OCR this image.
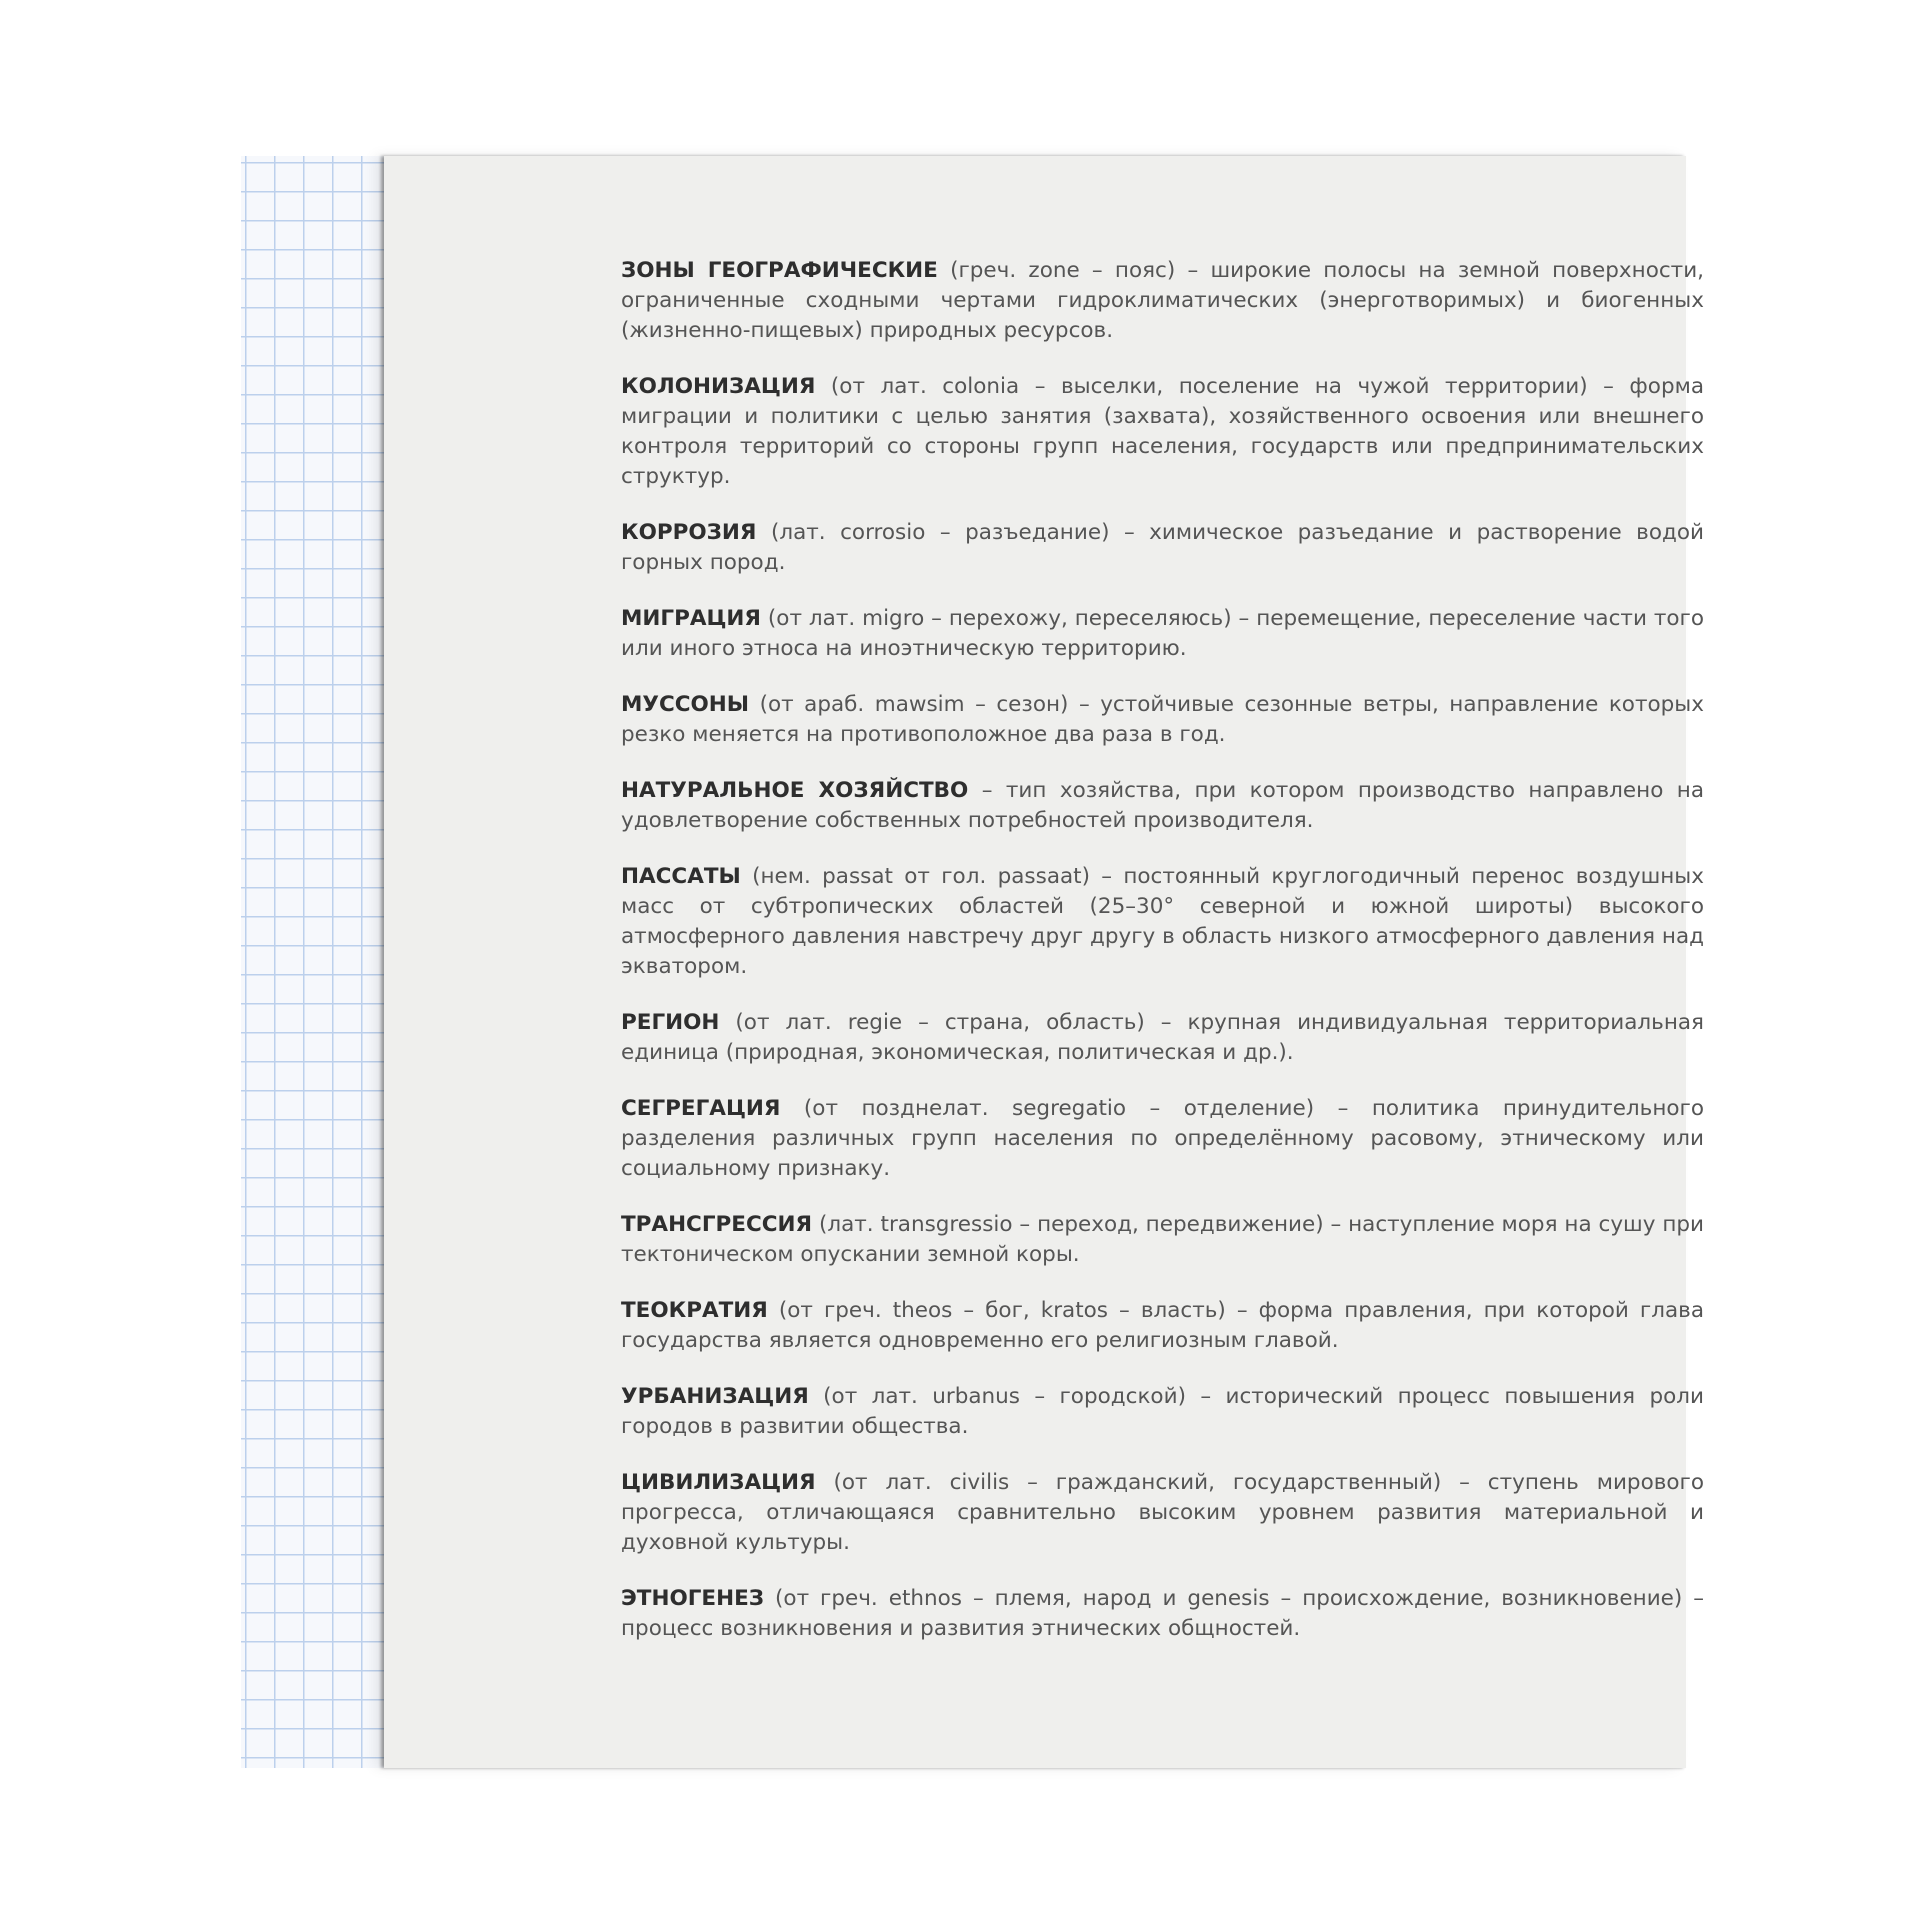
ЗОНЫ ГЕОГРАФИЧЕСКИЕ (греч. zone – пояс) – широкие полосы на земной поверхности, ограниченные сходными чертами гидроклиматических (энерготворимых) и биогенных (жизненно-пищевых) природных ресурсов.

КОЛОНИЗАЦИЯ (от лат. colonia – выселки, поселение на чужой территории) – форма миграции и политики с целью занятия (захвата), хозяйственного освоения или внешнего контроля территорий со стороны групп населения, государств или предпринимательских структур.

КОРРОЗИЯ (лат. corrosio – разъедание) – химическое разъедание и растворение водой горных пород.

МИГРАЦИЯ (от лат. migro – перехожу, переселяюсь) – перемещение, переселение части того или иного этноса на иноэтническую территорию.

МУССОНЫ (от араб. mawsim – сезон) – устойчивые сезонные ветры, направление которых резко меняется на противоположное два раза в год.

НАТУРАЛЬНОЕ ХОЗЯЙСТВО – тип хозяйства, при котором производство направлено на удовлетворение собственных потребностей производителя.

ПАССАТЫ (нем. passat от гол. passaat) – постоянный круглогодичный перенос воздушных масс от субтропических областей (25–30° северной и южной широты) высокого атмосферного давления навстречу друг другу в область низкого атмосферного давления над экватором.

РЕГИОН (от лат. regie – страна, область) – крупная индивидуальная территориальная единица (природная, экономическая, политическая и др.).

СЕГРЕГАЦИЯ (от позднелат. segregatio – отделение) – политика принудительного разделения различных групп населения по определённому расовому, этническому или социальному признаку.

ТРАНСГРЕССИЯ (лат. transgressio – переход, передвижение) – наступление моря на сушу при тектоническом опускании земной коры.

ТЕОКРАТИЯ (от греч. theos – бог, kratos – власть) – форма правления, при которой глава государства является одновременно его религиозным главой.

УРБАНИЗАЦИЯ (от лат. urbanus – городской) – исторический процесс повышения роли городов в развитии общества.

ЦИВИЛИЗАЦИЯ (от лат. civilis – гражданский, государственный) – ступень мирового прогресса, отличающаяся сравнительно высоким уровнем развития материальной и духовной культуры.

ЭТНОГЕНЕЗ (от греч. ethnos – племя, народ и genesis – происхождение, возникновение) – процесс возникновения и развития этнических общностей.
